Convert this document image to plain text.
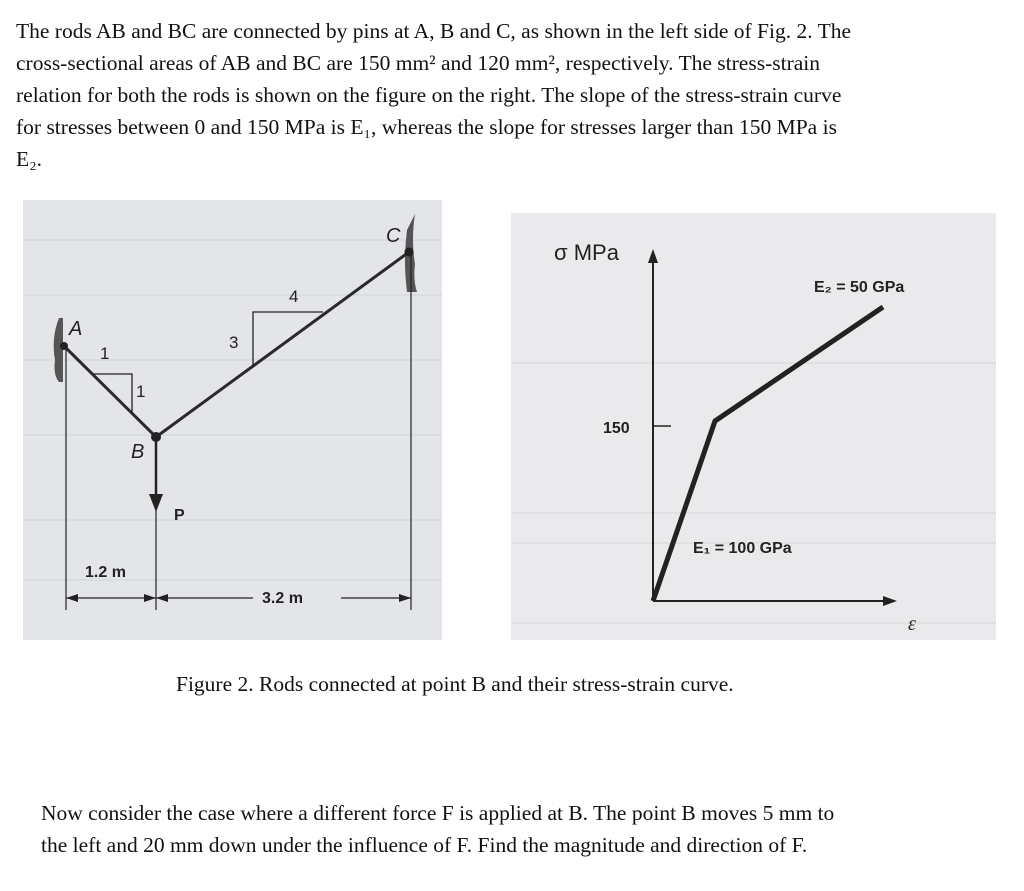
The rods AB and BC are connected by pins at A, B and C, as shown in the left side of Fig. 2. The
cross-sectional areas of AB and BC are 150 mm² and 120 mm², respectively. The stress-strain
relation for both the rods is shown on the figure on the right. The slope of the stress-strain curve
for stresses between 0 and 150 MPa is E₁, whereas the slope for stresses larger than 150 MPa is
E₂.
A
B
C
1
1
4
3
P
1.2 m
3.2 m
σ MPa
150
E₁ = 100 GPa
E₂ = 50 GPa
ε
Figure 2. Rods connected at point B and their stress-strain curve.
Now consider the case where a different force F is applied at B. The point B moves 5 mm to
the left and 20 mm down under the influence of F. Find the magnitude and direction of F.
